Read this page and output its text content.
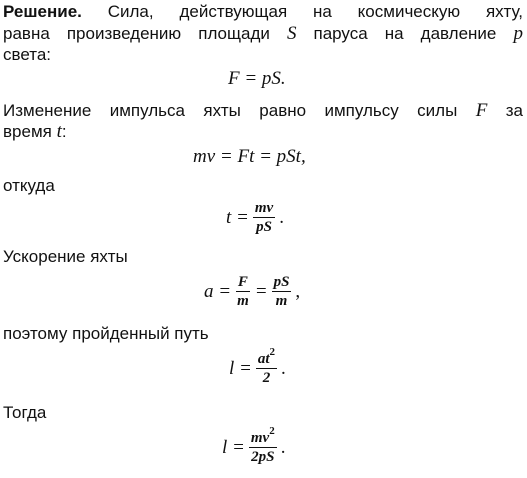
Решение. Сила, действующая на космическую яхту,
равна произведению площади S паруса на давление p
света:
F = pS.
Изменение импульса яхты равно импульсу силы F за
время t:
mv = Ft = pSt,
откуда
$t = \frac{mv}{pS}$ .
Ускорение яхты
$a = \frac{F}{m} = \frac{pS}{m}$ ,
поэтому пройденный путь
$l = \frac{at^2}{2}$ .
Тогда
$l = \frac{mv^2}{2pS}$ .
